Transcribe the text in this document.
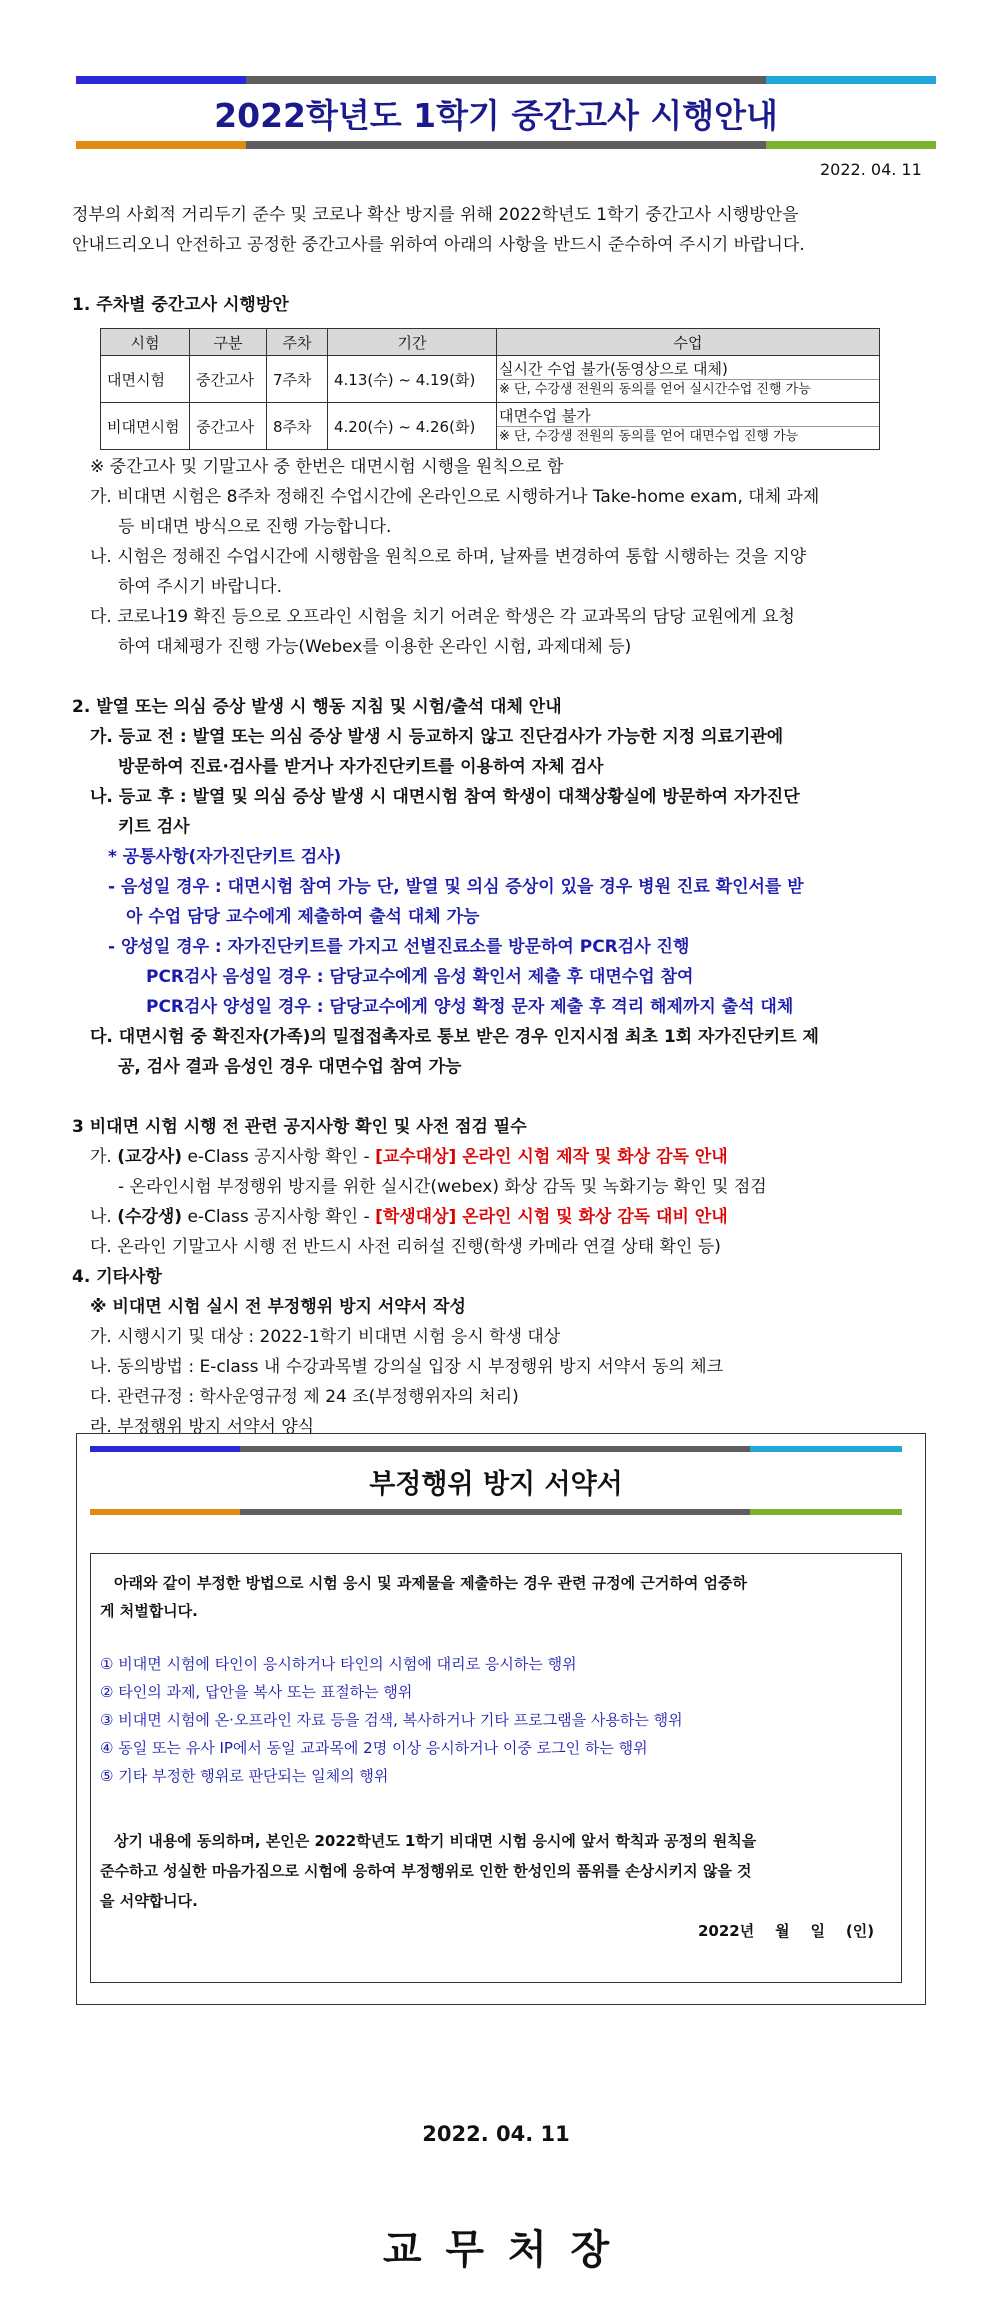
2022학년도 1학기 중간고사 시행안내
2022. 04. 11
정부의 사회적 거리두기 준수 및 코로나 확산 방지를 위해 2022학년도 1학기 중간고사 시행방안을
안내드리오니 안전하고 공정한 중간고사를 위하여 아래의 사항을 반드시 준수하여 주시기 바랍니다.
1. 주차별 중간고사 시행방안
시험	구분	주차	기간	수업
대면시험	중간고사	7주차	4.13(수) ~ 4.19(화)	실시간 수업 불가(동영상으로 대체)
※ 단, 수강생 전원의 동의를 얻어 실시간수업 진행 가능

비대면시험	중간고사	8주차	4.20(수) ~ 4.26(화)	대면수업 불가
※ 단, 수강생 전원의 동의를 얻어 대면수업 진행 가능
※ 중간고사 및 기말고사 중 한번은 대면시험 시행을 원칙으로 함
가. 비대면 시험은 8주차 정해진 수업시간에 온라인으로 시행하거나 Take-home exam, 대체 과제
등 비대면 방식으로 진행 가능합니다.
나. 시험은 정해진 수업시간에 시행함을 원칙으로 하며, 날짜를 변경하여 통합 시행하는 것을 지양
하여 주시기 바랍니다.
다. 코로나19 확진 등으로 오프라인 시험을 치기 어려운 학생은 각 교과목의 담당 교원에게 요청
하여 대체평가 진행 가능(Webex를 이용한 온라인 시험, 과제대체 등)
2. 발열 또는 의심 증상 발생 시 행동 지침 및 시험/출석 대체 안내
가. 등교 전 : 발열 또는 의심 증상 발생 시 등교하지 않고 진단검사가 가능한 지정 의료기관에
방문하여 진료·검사를 받거나 자가진단키트를 이용하여 자체 검사
나. 등교 후 : 발열 및 의심 증상 발생 시 대면시험 참여 학생이 대책상황실에 방문하여 자가진단
키트 검사
* 공통사항(자가진단키트 검사)
- 음성일 경우 : 대면시험 참여 가능 단, 발열 및 의심 증상이 있을 경우 병원 진료 확인서를 받
아 수업 담당 교수에게 제출하여 출석 대체 가능
- 양성일 경우 : 자가진단키트를 가지고 선별진료소를 방문하여 PCR검사 진행
PCR검사 음성일 경우 : 담당교수에게 음성 확인서 제출 후 대면수업 참여
PCR검사 양성일 경우 : 담당교수에게 양성 확정 문자 제출 후 격리 해제까지 출석 대체
다. 대면시험 중 확진자(가족)의 밀접접촉자로 통보 받은 경우 인지시점 최초 1회 자가진단키트 제
공, 검사 결과 음성인 경우 대면수업 참여 가능
3 비대면 시험 시행 전 관련 공지사항 확인 및 사전 점검 필수
가. (교강사) e-Class 공지사항 확인 - [교수대상] 온라인 시험 제작 및 화상 감독 안내
- 온라인시험 부정행위 방지를 위한 실시간(webex) 화상 감독 및 녹화기능 확인 및 점검
나. (수강생) e-Class 공지사항 확인 - [학생대상] 온라인 시험 및 화상 감독 대비 안내
다. 온라인 기말고사 시행 전 반드시 사전 리허설 진행(학생 카메라 연결 상태 확인 등)
4. 기타사항
※ 비대면 시험 실시 전 부정행위 방지 서약서 작성
가. 시행시기 및 대상 : 2022-1학기 비대면 시험 응시 학생 대상
나. 동의방법 : E-class 내 수강과목별 강의실 입장 시 부정행위 방지 서약서 동의 체크
다. 관련규정 : 학사운영규정 제 24 조(부정행위자의 처리)
라. 부정행위 방지 서약서 양식
부정행위 방지 서약서
아래와 같이 부정한 방법으로 시험 응시 및 과제물을 제출하는 경우 관련 규정에 근거하여 엄중하
게 처벌합니다.
① 비대면 시험에 타인이 응시하거나 타인의 시험에 대리로 응시하는 행위
② 타인의 과제, 답안을 복사 또는 표절하는 행위
③ 비대면 시험에 온·오프라인 자료 등을 검색, 복사하거나 기타 프로그램을 사용하는 행위
④ 동일 또는 유사 IP에서 동일 교과목에 2명 이상 응시하거나 이중 로그인 하는 행위
⑤ 기타 부정한 행위로 판단되는 일체의 행위
상기 내용에 동의하며, 본인은 2022학년도 1학기 비대면 시험 응시에 앞서 학칙과 공정의 원칙을
준수하고 성실한 마음가짐으로 시험에 응하여 부정행위로 인한 한성인의 품위를 손상시키지 않을 것
을 서약합니다.
2022년    월    일    (인)
2022. 04. 11
교 무 처 장
